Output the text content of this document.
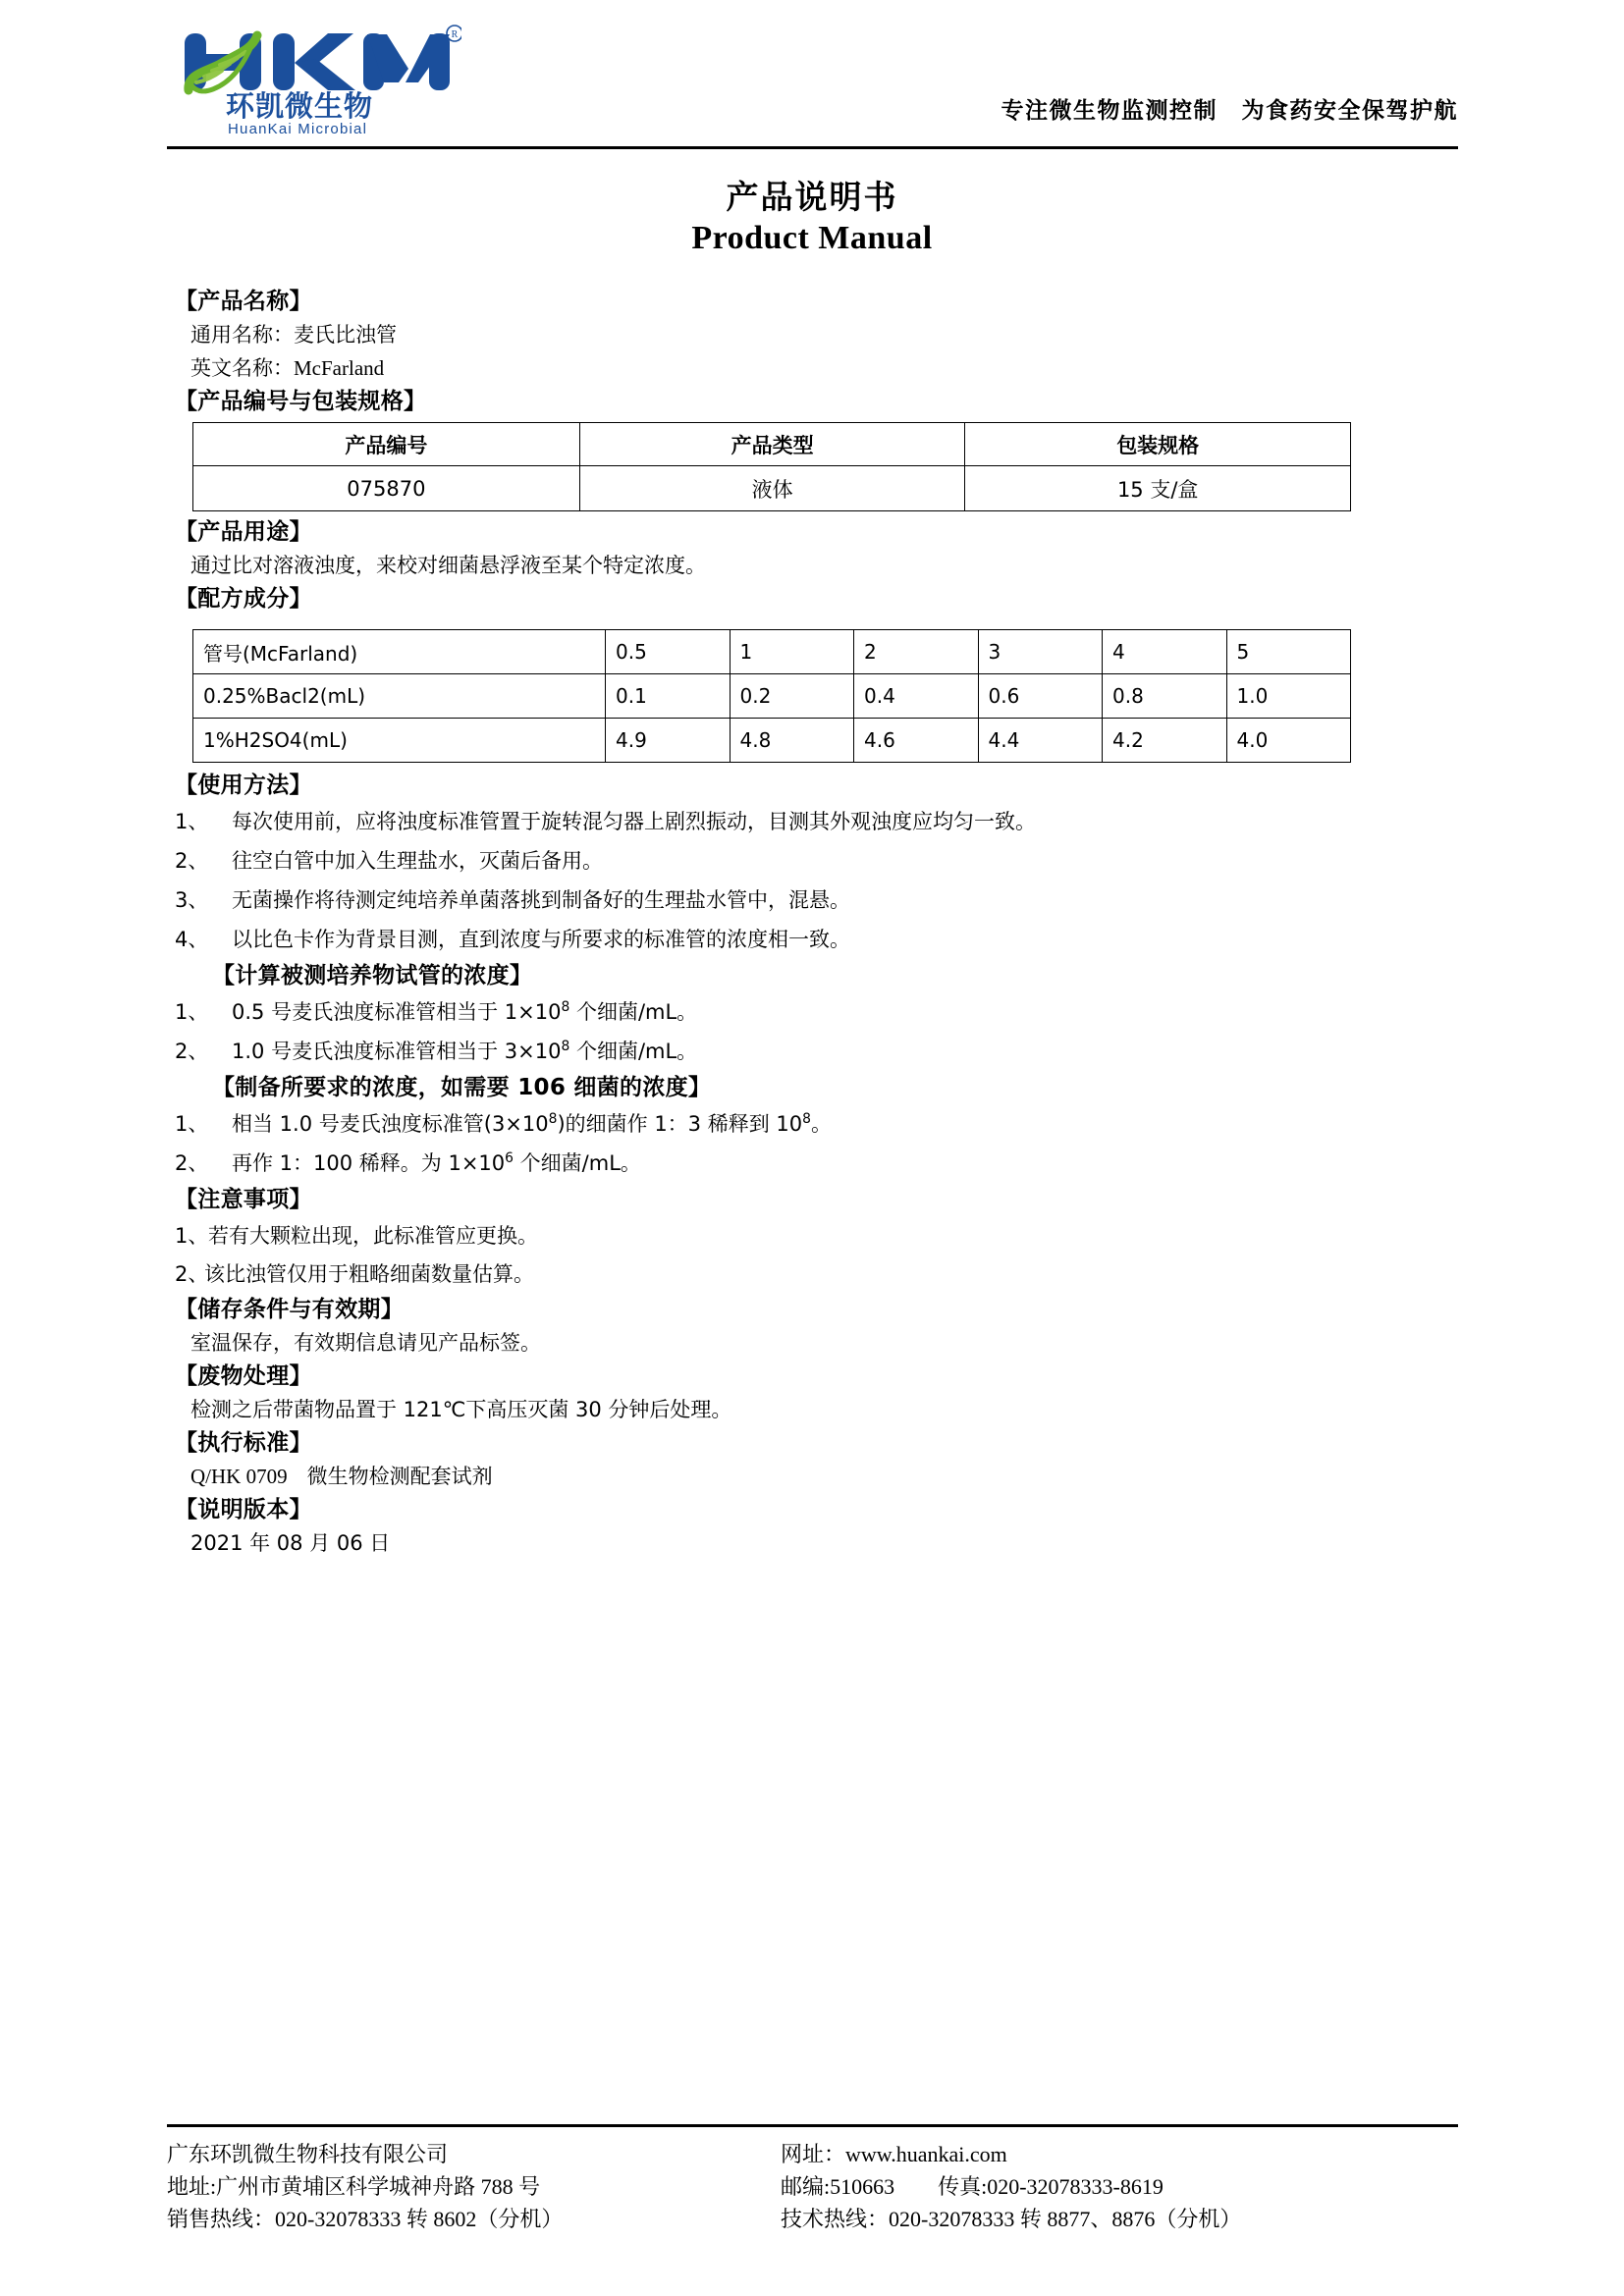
R
环凯微生物
HuanKai Microbial
专注微生物监测控制　为食药安全保驾护航
产品说明书
Product Manual
【产品名称】
通用名称：麦氏比浊管
英文名称：McFarland
【产品编号与包装规格】
产品编号	产品类型	包装规格
075870	液体	15 支/盒
【产品用途】
通过比对溶液浊度，来校对细菌悬浮液至某个特定浓度。
【配方成分】
管号(McFarland)	0.5	1	2	3	4	5
0.25%Bacl2(mL)	0.1	0.2	0.4	0.6	0.8	1.0
1%H2SO4(mL)	4.9	4.8	4.6	4.4	4.2	4.0
【使用方法】
1、	每次使用前，应将浊度标准管置于旋转混匀器上剧烈振动，目测其外观浊度应均匀一致。
2、	往空白管中加入生理盐水，灭菌后备用。
3、	无菌操作将待测定纯培养单菌落挑到制备好的生理盐水管中，混悬。
4、	以比色卡作为背景目测，直到浓度与所要求的标准管的浓度相一致。
【计算被测培养物试管的浓度】
1、	0.5 号麦氏浊度标准管相当于 $1\times 10^8$ 个细菌/mL。
2、	1.0 号麦氏浊度标准管相当于 $3\times 10^8$ 个细菌/mL。
【制备所要求的浓度，如需要 106 细菌的浓度】
1、	相当 1.0 号麦氏浊度标准管$(3\times 10^8)$的细菌作 1：3 稀释到 $10^8$。
2、	再作 1：100 稀释。为 $1\times 10^6$ 个细菌/mL。
【注意事项】
1、 若有大颗粒出现，此标准管应更换。
2、
该比浊管仅用于粗略细菌数量估算。
【储存条件与有效期】
室温保存，有效期信息请见产品标签。
【废物处理】
检测之后带菌物品置于 121℃下高压灭菌 30 分钟后处理。
【执行标准】
Q/HK 0709 微生物检测配套试剂
【说明版本】
2021 年 08 月 06 日
广东环凯微生物科技有限公司
地址:广州市黄埔区科学城神舟路 788 号
销售热线：020-32078333 转 8602（分机）
网址：www.huankai.com
邮编:510663　　传真:020-32078333-8619
技术热线：020-32078333 转 8877、8876（分机）
